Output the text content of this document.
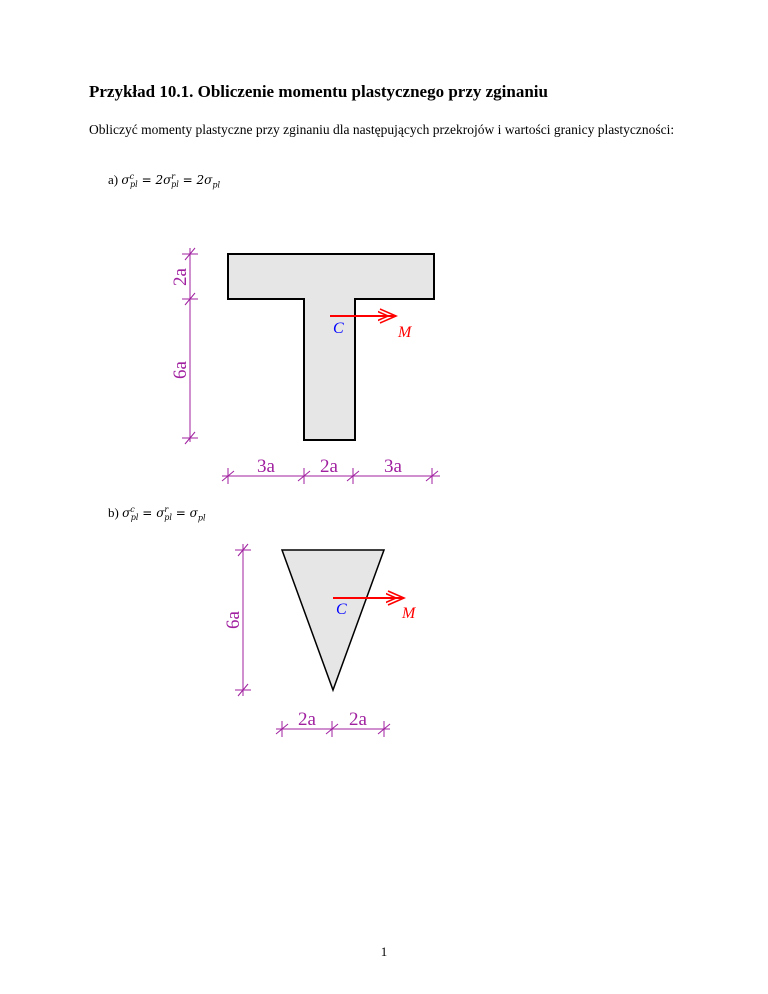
Przykład 10.1. Obliczenie momentu plastycznego przy zginaniu

Obliczyć momenty plastyczne przy zginaniu dla następujących przekrojów i wartości granicy plastyczności:

a) $\sigma^c_{pl} = 2\sigma^r_{pl} = 2\sigma_{pl}$
b) $\sigma^c_{pl} = \sigma^r_{pl} = \sigma_{pl}$
2a
6a
3a 2a 3a
C	M
6a
2a 2a
C	M
1
